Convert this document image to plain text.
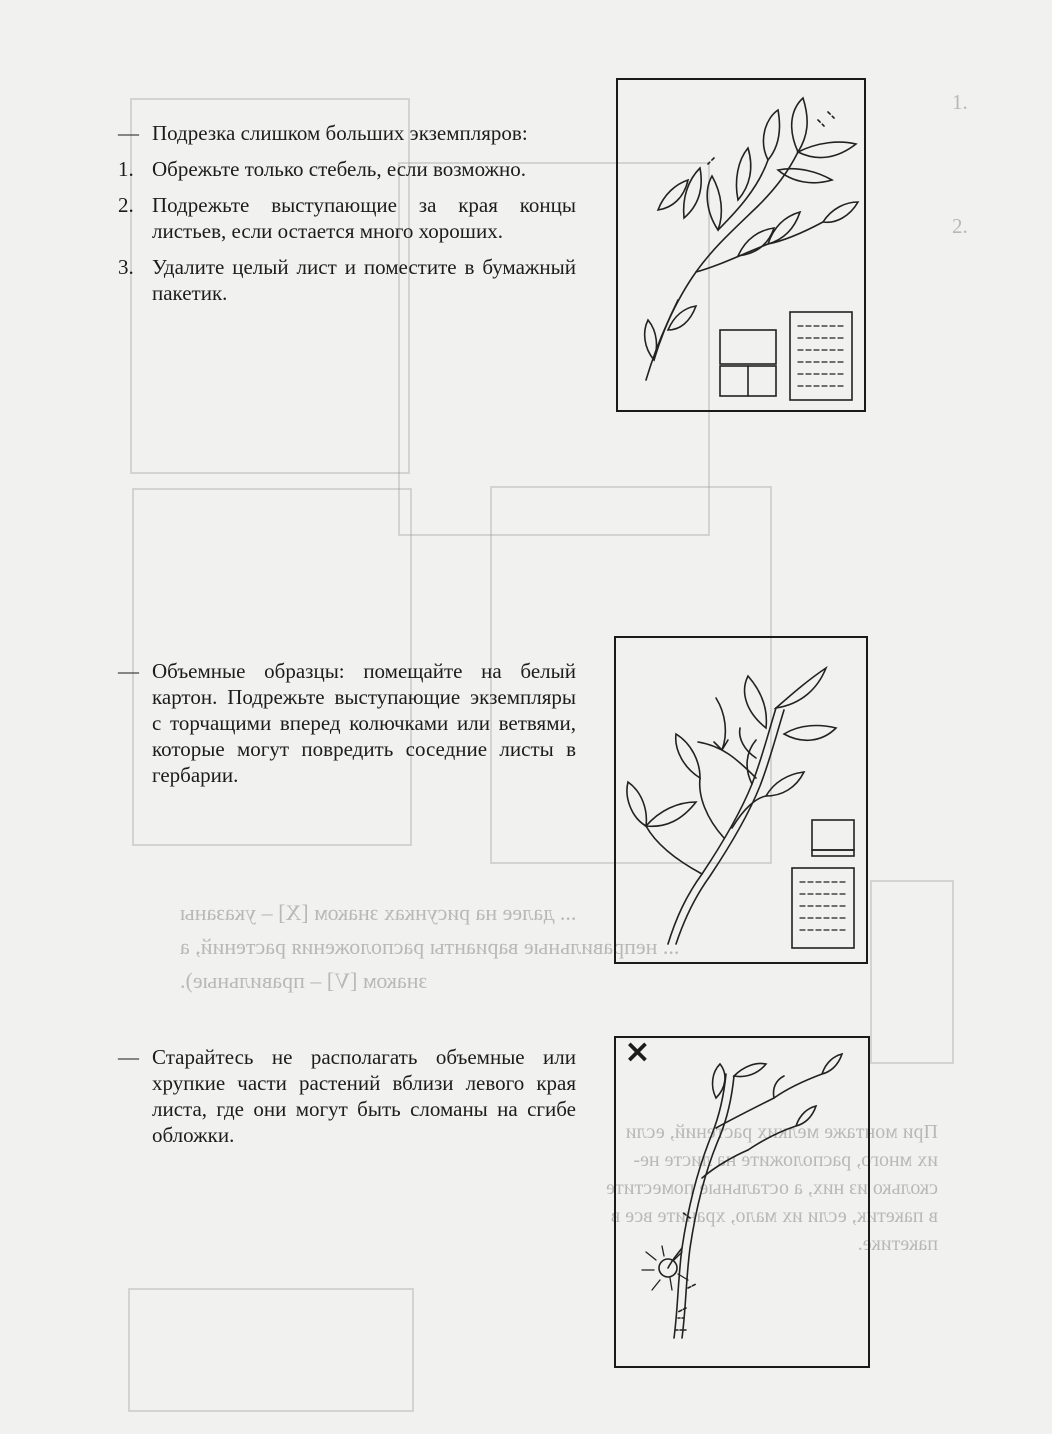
1.
2.
... далее на рисунках знаком [X] – указаны
... неправильные варианты расположения растений, а
знаком [V] – правильные).
При монтаже мелких растений, если
их много, расположите на листе не-
сколько из них, а остальные поместите
в пакетик, если их мало, храните все в
пакетике.
— Подрезка слишком больших экземпляров:
1. Обрежьте только стебель, если возможно.
2. Подрежьте выступающие за края концы листьев, если остается много хороших.
3. Удалите целый лист и поместите в бумажный пакетик.
— Объемные образцы: помещайте на белый картон. Подрежьте выступающие экземпляры с торчащими вперед колючками или ветвями, которые могут повредить соседние листы в гербарии.
— Старайтесь не располагать объемные или хрупкие части растений вблизи левого края листа, где они могут быть сломаны на сгибе обложки.
×
